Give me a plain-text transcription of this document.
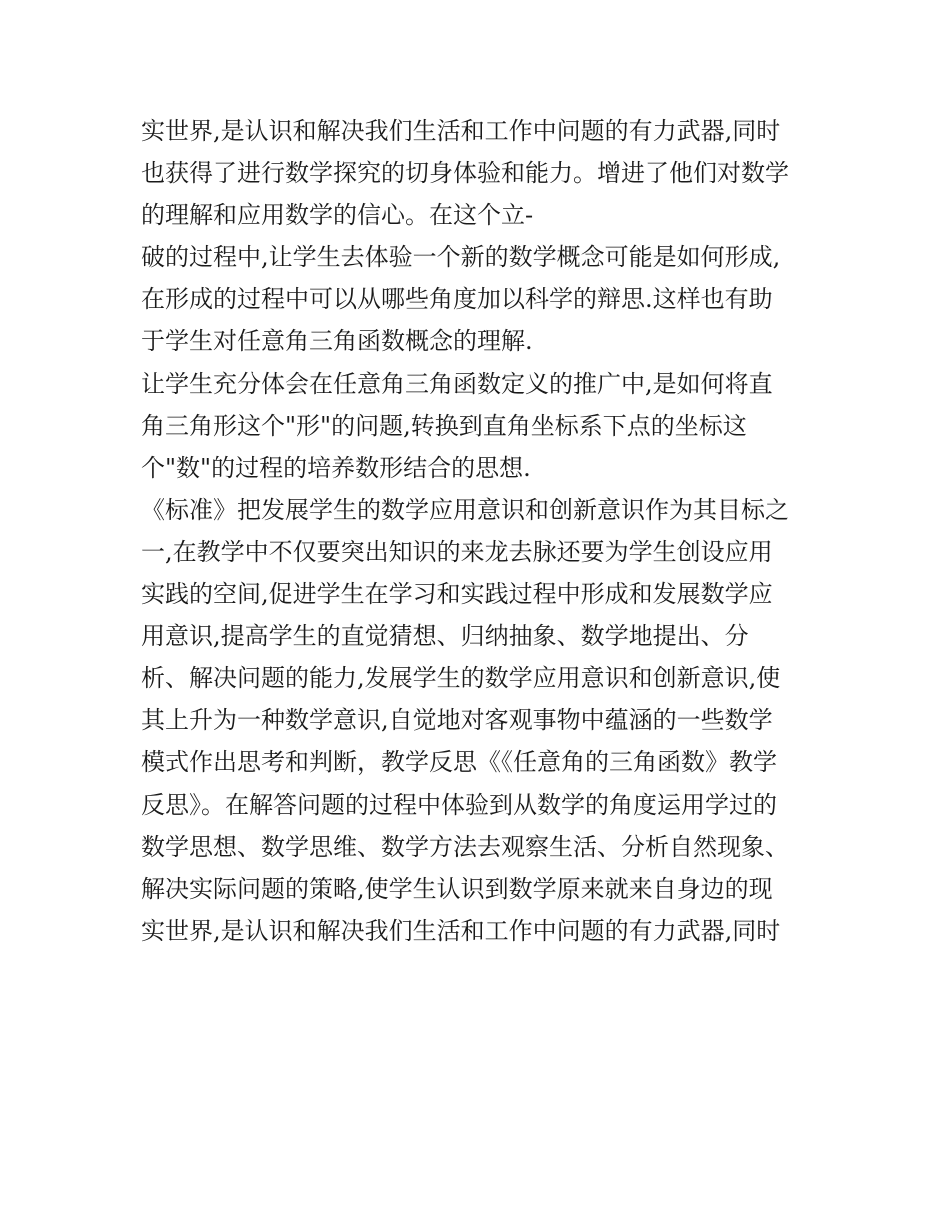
实世界,是认识和解决我们生活和工作中问题的有力武器,同时
也获得了进行数学探究的切身体验和能力。增进了他们对数学
的理解和应用数学的信心。在这个立-
破的过程中,让学生去体验一个新的数学概念可能是如何形成,
在形成的过程中可以从哪些角度加以科学的辩思.这样也有助
于学生对任意角三角函数概念的理解.
让学生充分体会在任意角三角函数定义的推广中,是如何将直
角三角形这个"形"的问题,转换到直角坐标系下点的坐标这
个"数"的过程的培养数形结合的思想.
《标准》把发展学生的数学应用意识和创新意识作为其目标之
一,在教学中不仅要突出知识的来龙去脉还要为学生创设应用
实践的空间,促进学生在学习和实践过程中形成和发展数学应
用意识,提高学生的直觉猜想、归纳抽象、数学地提出、分
析、解决问题的能力,发展学生的数学应用意识和创新意识,使
其上升为一种数学意识,自觉地对客观事物中蕴涵的一些数学
模式作出思考和判断，教学反思《《任意角的三角函数》教学
反思》。在解答问题的过程中体验到从数学的角度运用学过的
数学思想、数学思维、数学方法去观察生活、分析自然现象、
解决实际问题的策略,使学生认识到数学原来就来自身边的现
实世界,是认识和解决我们生活和工作中问题的有力武器,同时
